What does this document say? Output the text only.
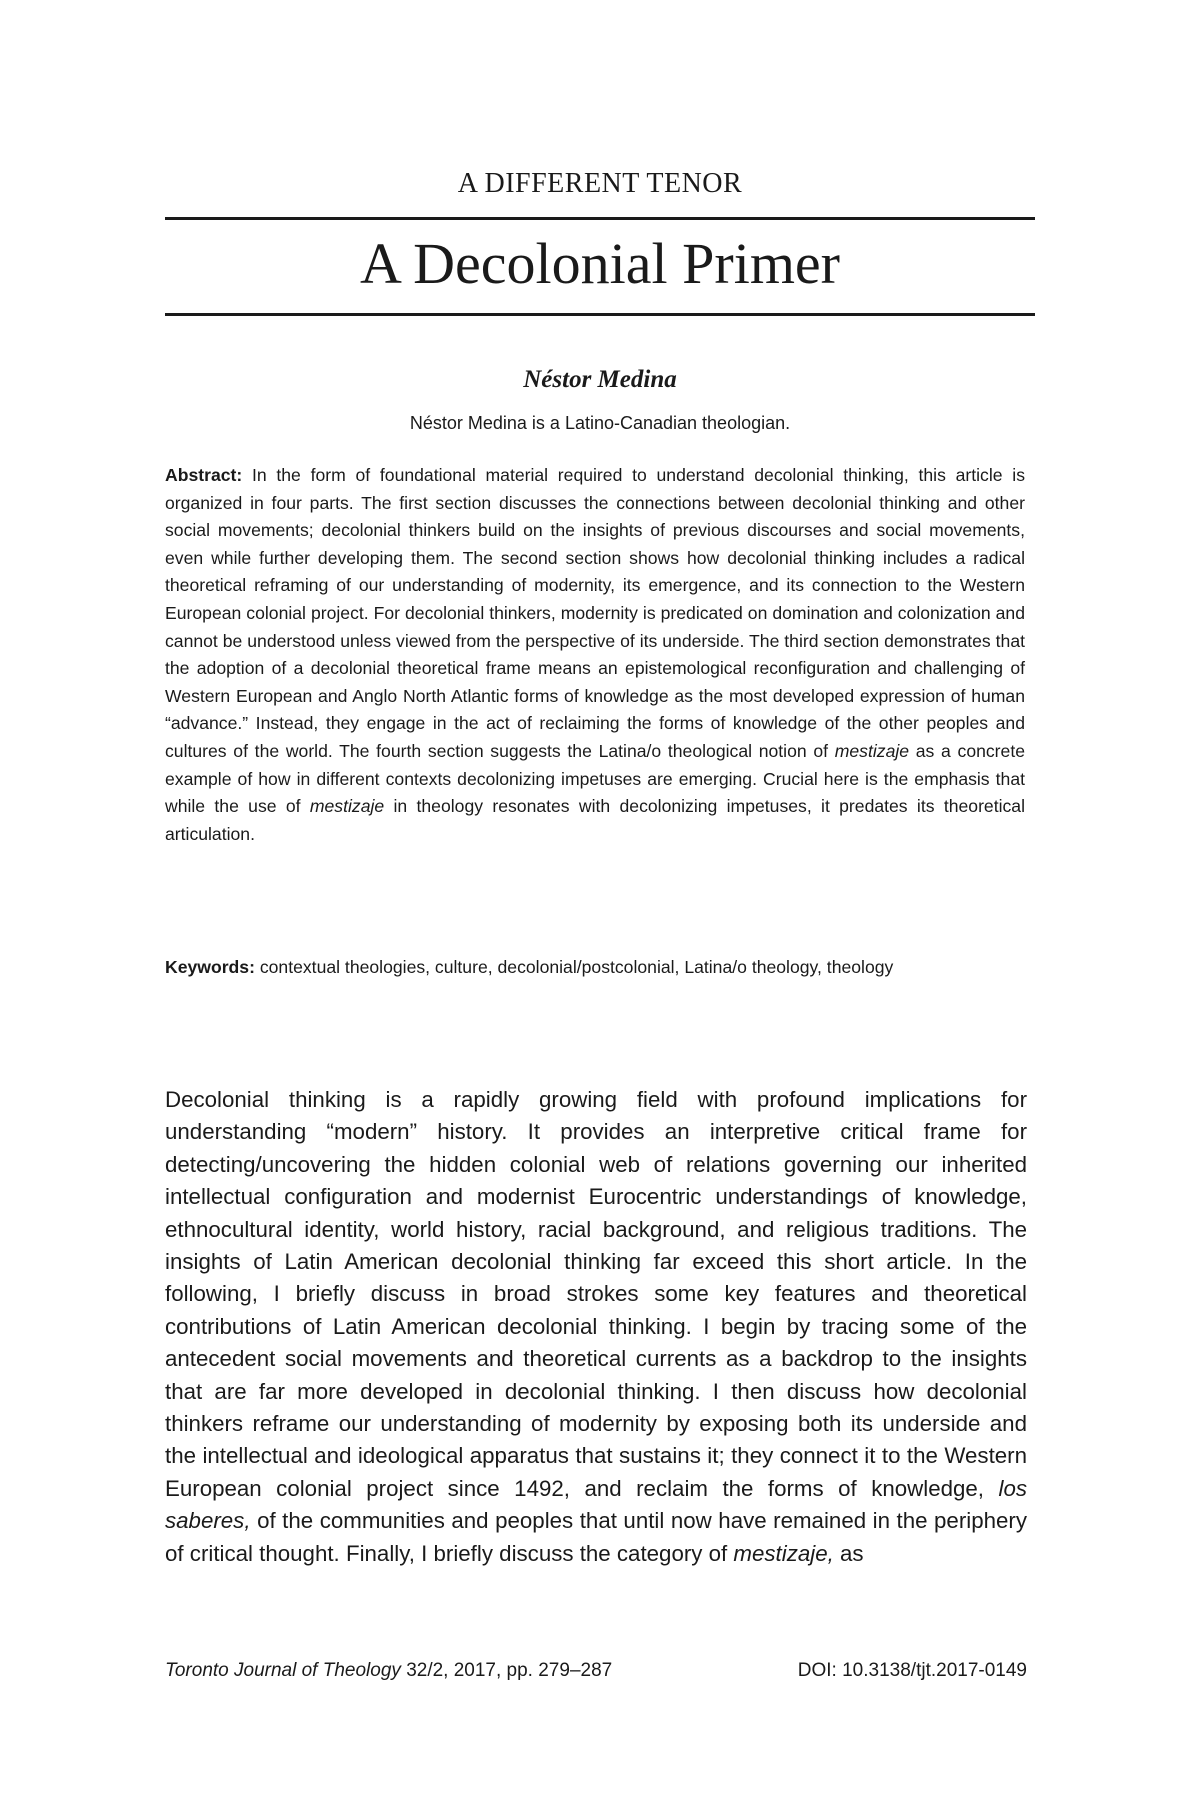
A DIFFERENT TENOR
A Decolonial Primer
Néstor Medina
Néstor Medina is a Latino-Canadian theologian.

Abstract: In the form of foundational material required to understand decolonial thinking, this article is organized in four parts. The first section discusses the connections between decolonial thinking and other social movements; decolonial thinkers build on the insights of previous discourses and social movements, even while further developing them. The second section shows how decolonial thinking includes a radical theoretical reframing of our understanding of modernity, its emergence, and its connection to the Western European colonial project. For decolonial thinkers, modernity is predicated on domination and colonization and cannot be understood unless viewed from the perspective of its underside. The third section demonstrates that the adoption of a decolonial theoretical frame means an epistemological reconfiguration and challenging of Western European and Anglo North Atlantic forms of knowledge as the most developed expression of human “advance.” Instead, they engage in the act of reclaiming the forms of knowledge of the other peoples and cultures of the world. The fourth section suggests the Latina/o theological notion of mestizaje as a concrete example of how in different contexts decolonizing impetuses are emerging. Crucial here is the emphasis that while the use of mestizaje in theology resonates with decolonizing impetuses, it predates its theoretical articulation.

Keywords: contextual theologies, culture, decolonial/postcolonial, Latina/o theology, theology

Decolonial thinking is a rapidly growing field with profound implications for understanding “modern” history. It provides an interpretive critical frame for detecting/uncovering the hidden colonial web of relations governing our inherited intellectual configuration and modernist Eurocentric understandings of knowledge, ethnocultural identity, world history, racial background, and religious traditions. The insights of Latin American decolonial thinking far exceed this short article. In the following, I briefly discuss in broad strokes some key features and theoretical contributions of Latin American decolonial thinking. I begin by tracing some of the antecedent social movements and theoretical currents as a backdrop to the insights that are far more developed in decolonial thinking. I then discuss how decolonial thinkers reframe our understanding of modernity by exposing both its underside and the intellectual and ideological apparatus that sustains it; they connect it to the Western European colonial project since 1492, and reclaim the forms of knowledge, los saberes, of the communities and peoples that until now have remained in the periphery of critical thought. Finally, I briefly discuss the category of mestizaje, as

Toronto Journal of Theology 32/2, 2017, pp. 279–287	DOI: 10.3138/tjt.2017-0149
